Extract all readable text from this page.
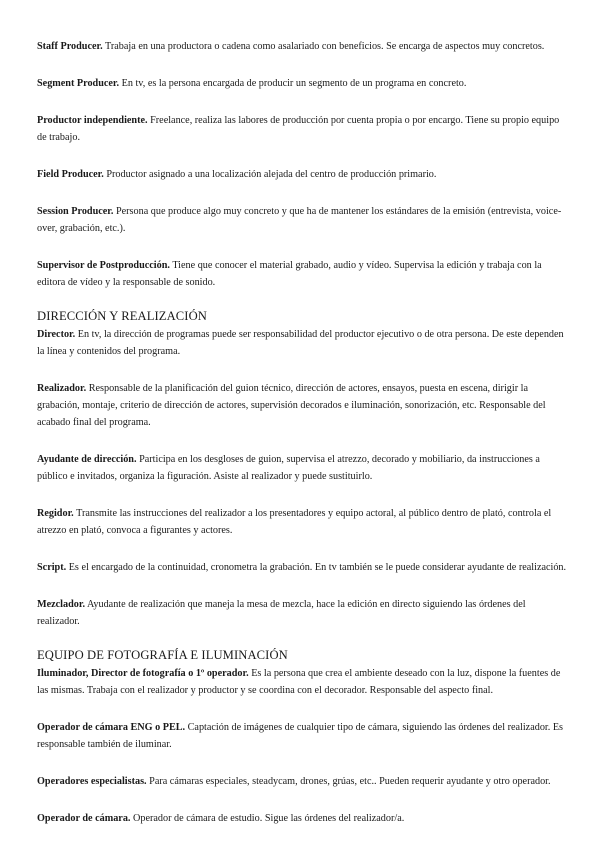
Staff Producer. Trabaja en una productora o cadena como asalariado con beneficios. Se encarga de aspectos muy concretos.

Segment Producer. En tv, es la persona encargada de producir un segmento de un programa en concreto.

Productor independiente. Freelance, realiza las labores de producción por cuenta propia o por encargo. Tiene su propio equipo de trabajo.

Field Producer. Productor asignado a una localización alejada del centro de producción primario.

Session Producer. Persona que produce algo muy concreto y que ha de mantener los estándares de la emisión (entrevista, voice-over, grabación, etc.).

Supervisor de Postproducción. Tiene que conocer el material grabado, audio y vídeo. Supervisa la edición y trabaja con la editora de vídeo y la responsable de sonido.

DIRECCIÓN Y REALIZACIÓN

Director. En tv, la dirección de programas puede ser responsabilidad del productor ejecutivo o de otra persona. De este dependen la línea y contenidos del programa.

Realizador. Responsable de la planificación del guion técnico, dirección de actores, ensayos, puesta en escena, dirigir la grabación, montaje, criterio de dirección de actores, supervisión decorados e iluminación, sonorización, etc. Responsable del acabado final del programa.

Ayudante de dirección. Participa en los desgloses de guion, supervisa el atrezzo, decorado y mobiliario, da instrucciones a público e invitados, organiza la figuración. Asiste al realizador y puede sustituirlo.

Regidor. Transmite las instrucciones del realizador a los presentadores y equipo actoral, al público dentro de plató, controla el atrezzo en plató, convoca a figurantes y actores.

Script. Es el encargado de la continuidad, cronometra la grabación. En tv también se le puede considerar ayudante de realización.

Mezclador. Ayudante de realización que maneja la mesa de mezcla, hace la edición en directo siguiendo las órdenes del realizador.

EQUIPO DE FOTOGRAFÍA E ILUMINACIÓN

Iluminador, Director de fotografía o 1º operador. Es la persona que crea el ambiente deseado con la luz, dispone la fuentes de las mismas. Trabaja con el realizador y productor y se coordina con el decorador. Responsable del aspecto final.

Operador de cámara ENG o PEL. Captación de imágenes de cualquier tipo de cámara, siguiendo las órdenes del realizador. Es responsable también de iluminar.

Operadores especialistas. Para cámaras especiales, steadycam, drones, grúas, etc.. Pueden requerir ayudante y otro operador.

Operador de cámara. Operador de cámara de estudio. Sigue las órdenes del realizador/a.
